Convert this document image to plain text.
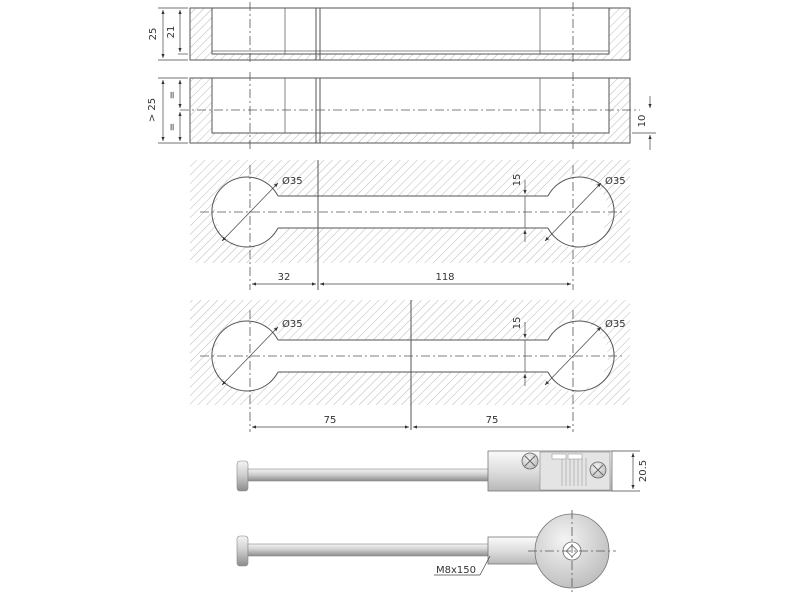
25 21
> 25
=
=	10
Ø35	Ø35
15
32	118
Ø35	Ø35
15
75	75
20.5
M8x150
